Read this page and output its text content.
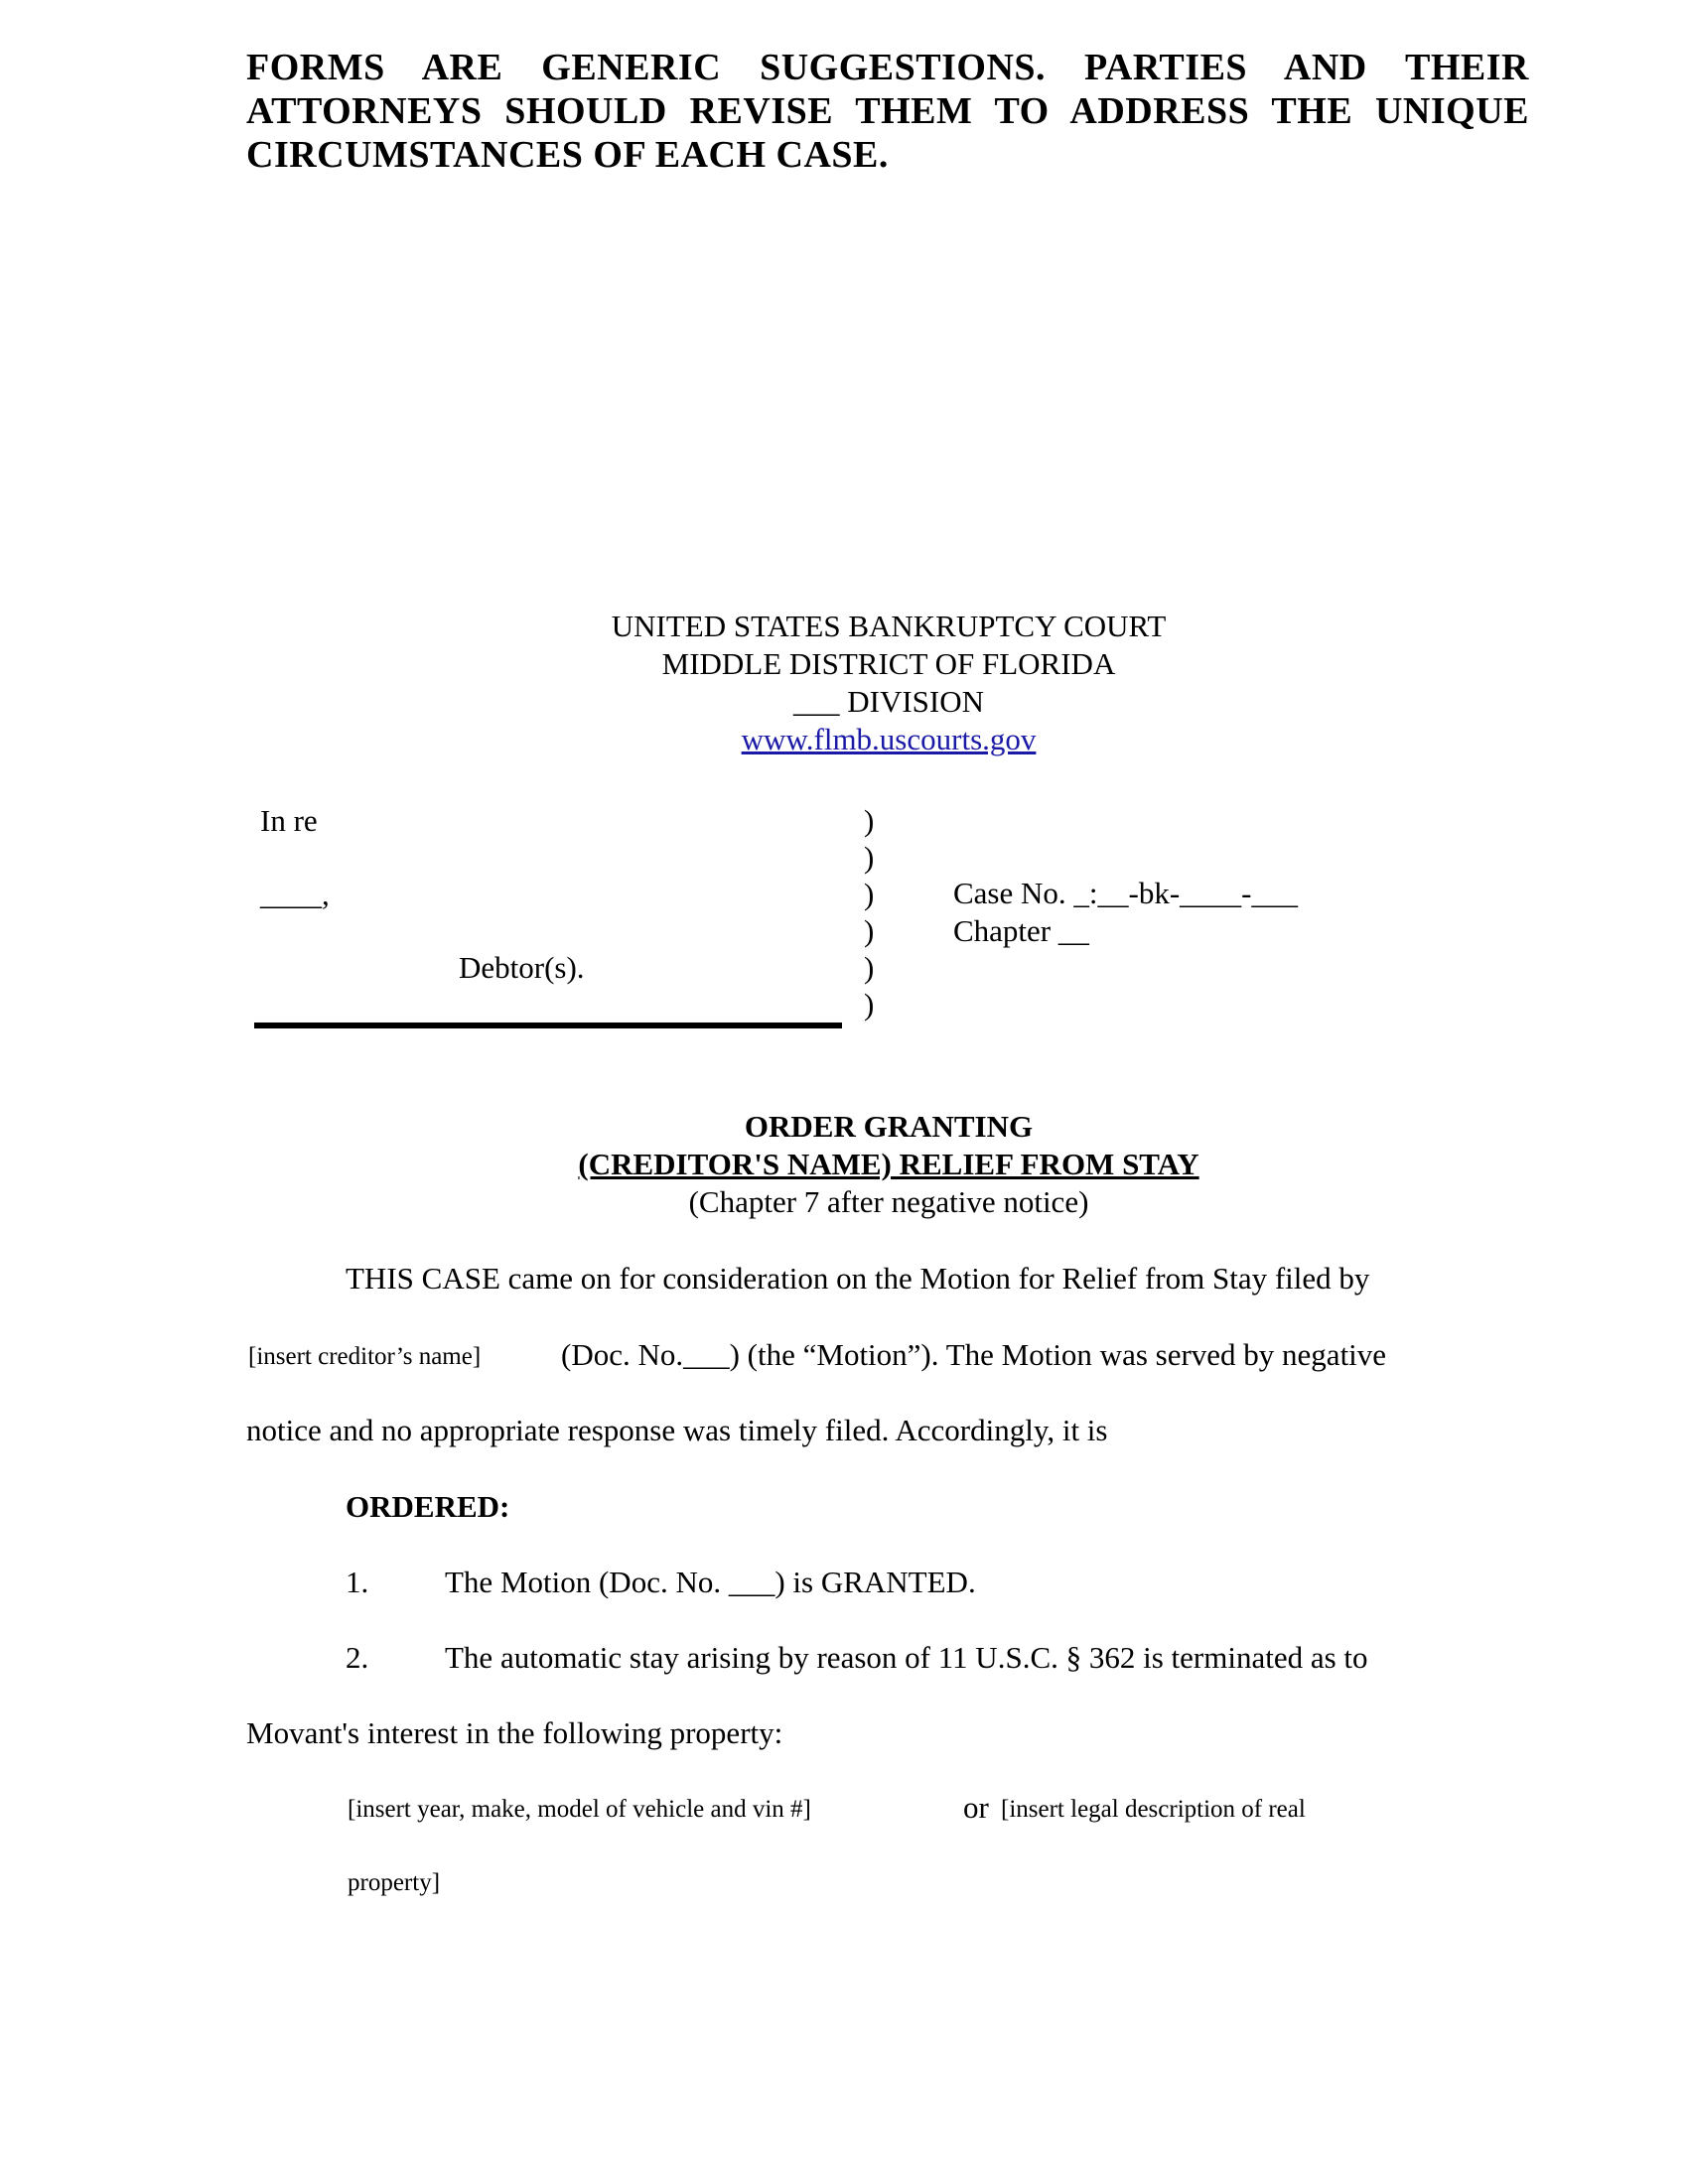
FORMS ARE GENERIC SUGGESTIONS. PARTIES AND THEIR ATTORNEYS SHOULD REVISE THEM TO ADDRESS THE UNIQUE CIRCUMSTANCES OF EACH CASE.
UNITED STATES BANKRUPTCY COURT
MIDDLE DISTRICT OF FLORIDA
___ DIVISION
www.flmb.uscourts.gov
In re
____,
Debtor(s).
)
)
)
)
)
)
Case No. _:__-bk-____-___
Chapter __
ORDER GRANTING
(CREDITOR'S NAME) RELIEF FROM STAY
(Chapter 7 after negative notice)
THIS CASE came on for consideration on the Motion for Relief from Stay filed by
[insert creditor’s name]	(Doc. No.___) (the “Motion”). The Motion was served by negative
notice and no appropriate response was timely filed. Accordingly, it is
ORDERED:
1. The Motion (Doc. No. ___) is GRANTED.
2. The automatic stay arising by reason of 11 U.S.C. § 362 is terminated as to
Movant's interest in the following property:
[insert year, make, model of vehicle and vin #]	or [insert legal description of real
property]
